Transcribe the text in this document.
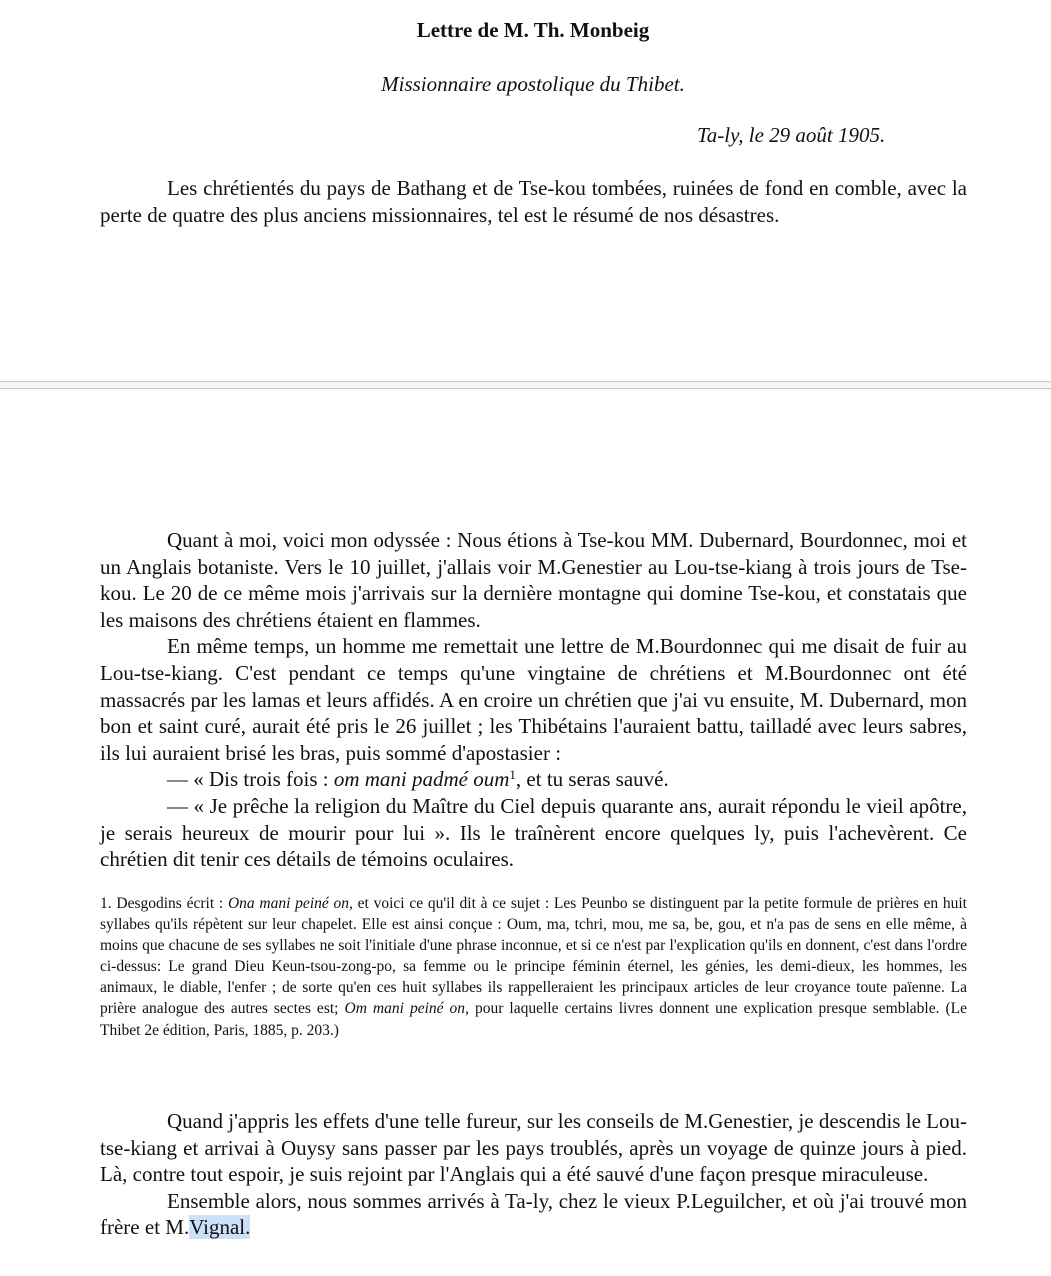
Lettre de M. Th. Monbeig
Missionnaire apostolique du Thibet.
Ta-ly, le 29 août 1905.

Les chrétientés du pays de Bathang et de Tse-kou tombées, ruinées de fond en comble, avec la perte de quatre des plus anciens missionnaires, tel est le résumé de nos désastres.

Quant à moi, voici mon odyssée : Nous étions à Tse-kou MM. Dubernard, Bourdonnec, moi et un Anglais botaniste. Vers le 10 juillet, j'allais voir M.Genestier au Lou-tse-kiang à trois jours de Tse-kou. Le 20 de ce même mois j'arrivais sur la dernière montagne qui domine Tse-kou, et constatais que les maisons des chrétiens étaient en flammes.

En même temps, un homme me remettait une lettre de M.Bourdonnec qui me disait de fuir au Lou-tse-kiang. C'est pendant ce temps qu'une vingtaine de chrétiens et M.Bourdonnec ont été massacrés par les lamas et leurs affidés. A en croire un chrétien que j'ai vu ensuite, M. Dubernard, mon bon et saint curé, aurait été pris le 26 juillet ; les Thibétains l'auraient battu, tailladé avec leurs sabres, ils lui auraient brisé les bras, puis sommé d'apostasier :

— « Dis trois fois : om mani padmé oum$^1$, et tu seras sauvé.

— « Je prêche la religion du Maître du Ciel depuis quarante ans, aurait répondu le vieil apôtre, je serais heureux de mourir pour lui ». Ils le traînèrent encore quelques ly, puis l'achevèrent. Ce chrétien dit tenir ces détails de témoins oculaires.

1. Desgodins écrit : Ona mani peiné on, et voici ce qu'il dit à ce sujet : Les Peunbo se distinguent par la petite formule de prières en huit syllabes qu'ils répètent sur leur chapelet. Elle est ainsi conçue : Oum, ma, tchri, mou, me sa, be, gou, et n'a pas de sens en elle même, à moins que chacune de ses syllabes ne soit l'initiale d'une phrase inconnue, et si ce n'est par l'explication qu'ils en donnent, c'est dans l'ordre ci-dessus: Le grand Dieu Keun-tsou-zong-po, sa femme ou le principe féminin éternel, les génies, les demi-dieux, les hommes, les animaux, le diable, l'enfer ; de sorte qu'en ces huit syllabes ils rappelleraient les principaux articles de leur croyance toute païenne. La prière analogue des autres sectes est; Om mani peiné on, pour laquelle certains livres donnent une explication presque semblable. (Le Thibet 2e édition, Paris, 1885, p. 203.)

Quand j'appris les effets d'une telle fureur, sur les conseils de M.Genestier, je descendis le Lou-tse-kiang et arrivai à Ouysy sans passer par les pays troublés, après un voyage de quinze jours à pied. Là, contre tout espoir, je suis rejoint par l'Anglais qui a été sauvé d'une façon presque miraculeuse.

Ensemble alors, nous sommes arrivés à Ta-ly, chez le vieux P.Leguilcher, et où j'ai trouvé mon frère et M.Vignal.
